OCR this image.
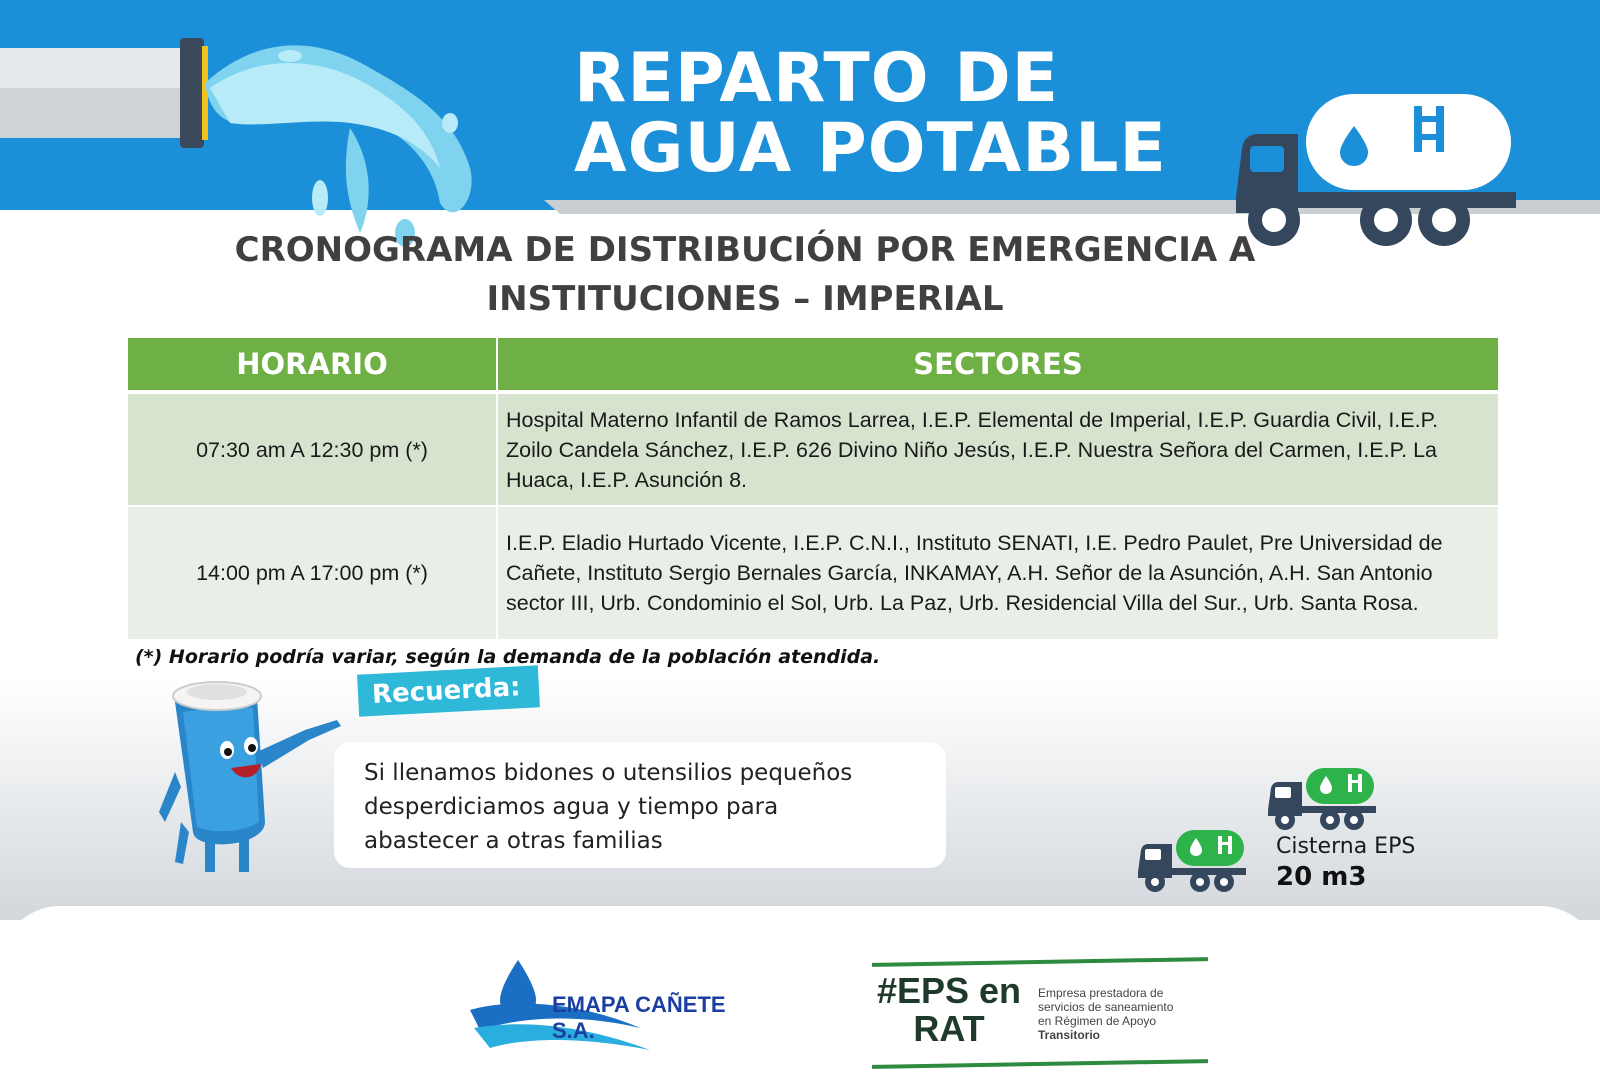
REPARTO DE
AGUA POTABLE
CRONOGRAMA DE DISTRIBUCIÓN POR EMERGENCIA A
INSTITUCIONES – IMPERIAL
HORARIO	SECTORES
07:30 am A 12:30 pm (*)	Hospital Materno Infantil de Ramos Larrea, I.E.P. Elemental de Imperial, I.E.P. Guardia Civil, I.E.P. Zoilo Candela Sánchez, I.E.P. 626 Divino Niño Jesús, I.E.P. Nuestra Señora del Carmen, I.E.P. La Huaca, I.E.P. Asunción 8.
14:00 pm A 17:00 pm (*)	I.E.P. Eladio Hurtado Vicente, I.E.P. C.N.I., Instituto SENATI, I.E. Pedro Paulet, Pre Universidad de Cañete, Instituto Sergio Bernales García, INKAMAY, A.H. Señor de la Asunción, A.H. San Antonio sector III, Urb. Condominio el Sol, Urb. La Paz, Urb. Residencial Villa del Sur., Urb. Santa Rosa.
(*) Horario podría variar, según la demanda de la población atendida.
Recuerda:
Si llenamos bidones o utensilios pequeños
desperdiciamos agua y tiempo para
abastecer a otras familias	Cisterna EPS
20 m3
EMAPA CAÑETE S.A.
#EPS en RAT
Empresa prestadora de
servicios de saneamiento
en Régimen de Apoyo
Transitorio
